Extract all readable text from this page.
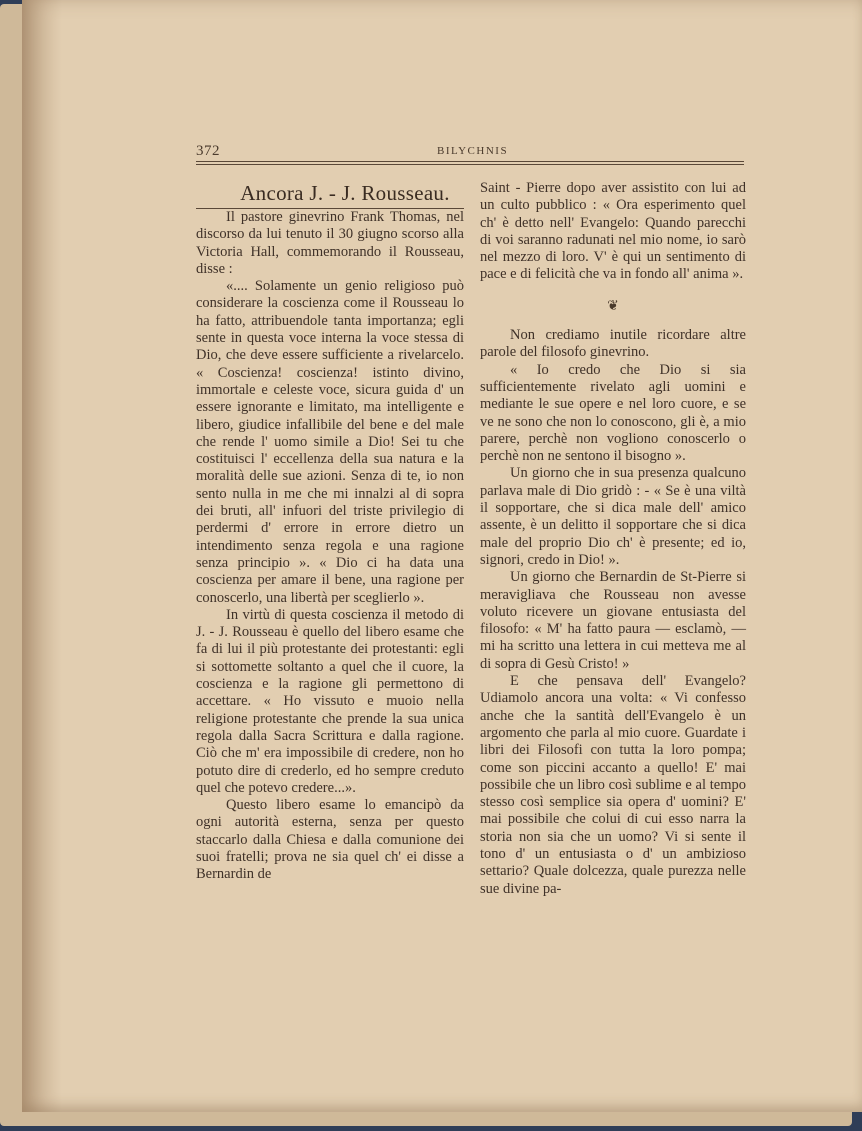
372	BILYCHNIS

Ancora J. - J. Rousseau.

Il pastore ginevrino Frank Thomas, nel discorso da lui tenuto il 30 giugno scorso alla Victoria Hall, commemorando il Rousseau, disse :

«.... Solamente un genio religioso può considerare la coscienza come il Rousseau lo ha fatto, attribuendole tanta importanza; egli sente in questa voce interna la voce stessa di Dio, che deve essere sufficiente a rivelarcelo. « Coscienza! coscienza! istinto divino, immortale e celeste voce, sicura guida d' un essere ignorante e limitato, ma intelligente e libero, giudice infallibile del bene e del male che rende l' uomo simile a Dio! Sei tu che costituisci l' eccellenza della sua natura e la moralità delle sue azioni. Senza di te, io non sento nulla in me che mi innalzi al di sopra dei bruti, all' infuori del triste privilegio di perdermi d' errore in errore dietro un intendimento senza regola e una ragione senza principio ». « Dio ci ha data una coscienza per amare il bene, una ragione per conoscerlo, una libertà per sceglierlo ».

In virtù di questa coscienza il metodo di J. - J. Rousseau è quello del libero esame che fa di lui il più protestante dei protestanti: egli si sottomette soltanto a quel che il cuore, la coscienza e la ragione gli permettono di accettare. « Ho vissuto e muoio nella religione protestante che prende la sua unica regola dalla Sacra Scrittura e dalla ragione. Ciò che m' era impossibile di credere, non ho potuto dire di crederlo, ed ho sempre creduto quel che potevo credere...».

Questo libero esame lo emancipò da ogni autorità esterna, senza per questo staccarlo dalla Chiesa e dalla comunione dei suoi fratelli; prova ne sia quel ch' ei disse a Bernardin de

Saint - Pierre dopo aver assistito con lui ad un culto pubblico : « Ora esperimento quel ch' è detto nell' Evangelo: Quando parecchi di voi saranno radunati nel mio nome, io sarò nel mezzo di loro. V' è qui un sentimento di pace e di felicità che va in fondo all' anima ».

❦

Non crediamo inutile ricordare altre parole del filosofo ginevrino.

« Io credo che Dio si sia sufficientemente rivelato agli uomini e mediante le sue opere e nel loro cuore, e se ve ne sono che non lo conoscono, gli è, a mio parere, perchè non vogliono conoscerlo o perchè non ne sentono il bisogno ».

Un giorno che in sua presenza qualcuno parlava male di Dio gridò : - « Se è una viltà il sopportare, che si dica male dell' amico assente, è un delitto il sopportare che si dica male del proprio Dio ch' è presente; ed io, signori, credo in Dio! ».

Un giorno che Bernardin de St-Pierre si meravigliava che Rousseau non avesse voluto ricevere un giovane entusiasta del filosofo: « M' ha fatto paura — esclamò, — mi ha scritto una lettera in cui metteva me al di sopra di Gesù Cristo! »

E che pensava dell' Evangelo? Udiamolo ancora una volta: « Vi confesso anche che la santità dell'Evangelo è un argomento che parla al mio cuore. Guardate i libri dei Filosofi con tutta la loro pompa; come son piccini accanto a quello! E' mai possibile che un libro così sublime e al tempo stesso così semplice sia opera d' uomini? E' mai possibile che colui di cui esso narra la storia non sia che un uomo? Vi si sente il tono d' un entusiasta o d' un ambizioso settario? Quale dolcezza, quale purezza nelle sue divine pa-
